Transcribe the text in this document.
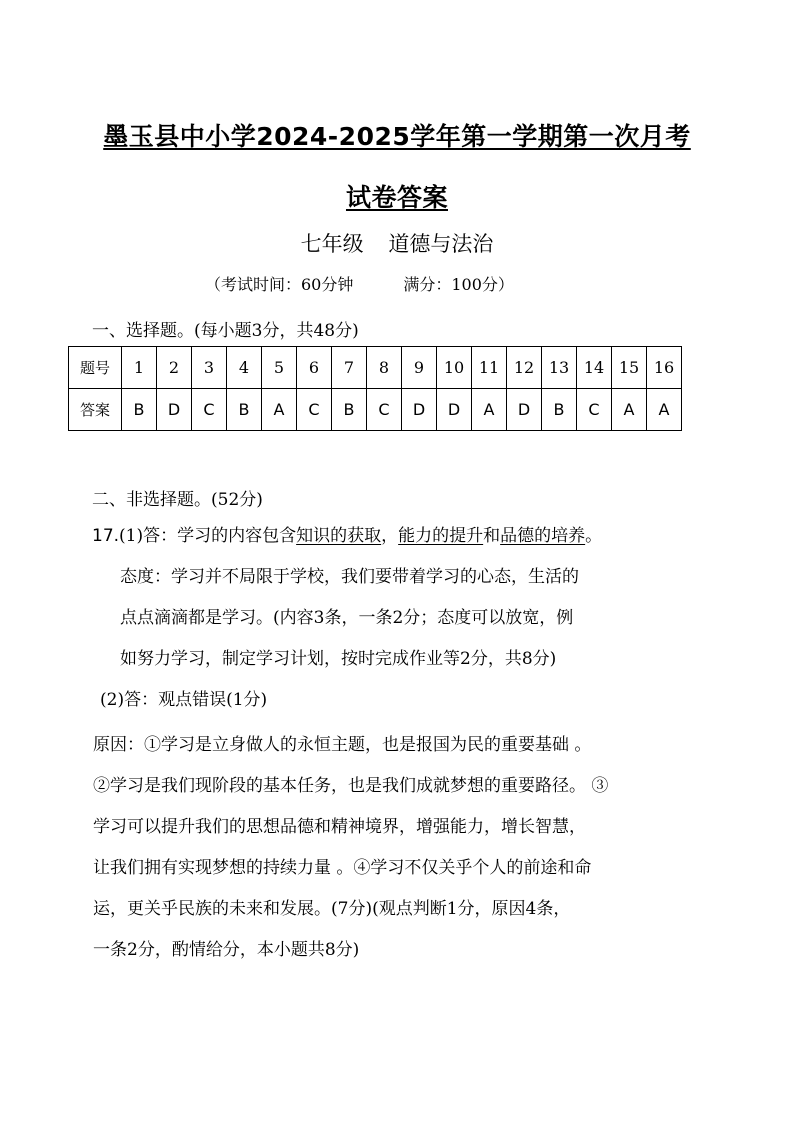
墨玉县中小学2024-2025学年第一学期第一次月考
试卷答案
七年级 道德与法治
（考试时间：60分钟	满分：100分）
一、选择题。(每小题3分，共48分)
题号	1	2	3	4	5	6	7	8	9	10	11	12	13	14	15	16
答案	B	D	C	B	A	C	B	C	D	D	A	D	B	C	A	A
二、非选择题。(52分)
17.(1)答：学习的内容包含知识的获取，能力的提升和品德的培养。
态度：学习并不局限于学校，我们要带着学习的心态，生活的
点点滴滴都是学习。(内容3条，一条2分；态度可以放宽，例
如努力学习，制定学习计划，按时完成作业等2分，共8分)
(2)答：观点错误(1分)
原因：①学习是立身做人的永恒主题，也是报国为民的重要基础 。
②学习是我们现阶段的基本任务，也是我们成就梦想的重要路径。 ③
学习可以提升我们的思想品德和精神境界，增强能力，增长智慧，
让我们拥有实现梦想的持续力量 。④学习不仅关乎个人的前途和命
运，更关乎民族的未来和发展。(7分)(观点判断1分，原因4条，
一条2分，酌情给分，本小题共8分)
